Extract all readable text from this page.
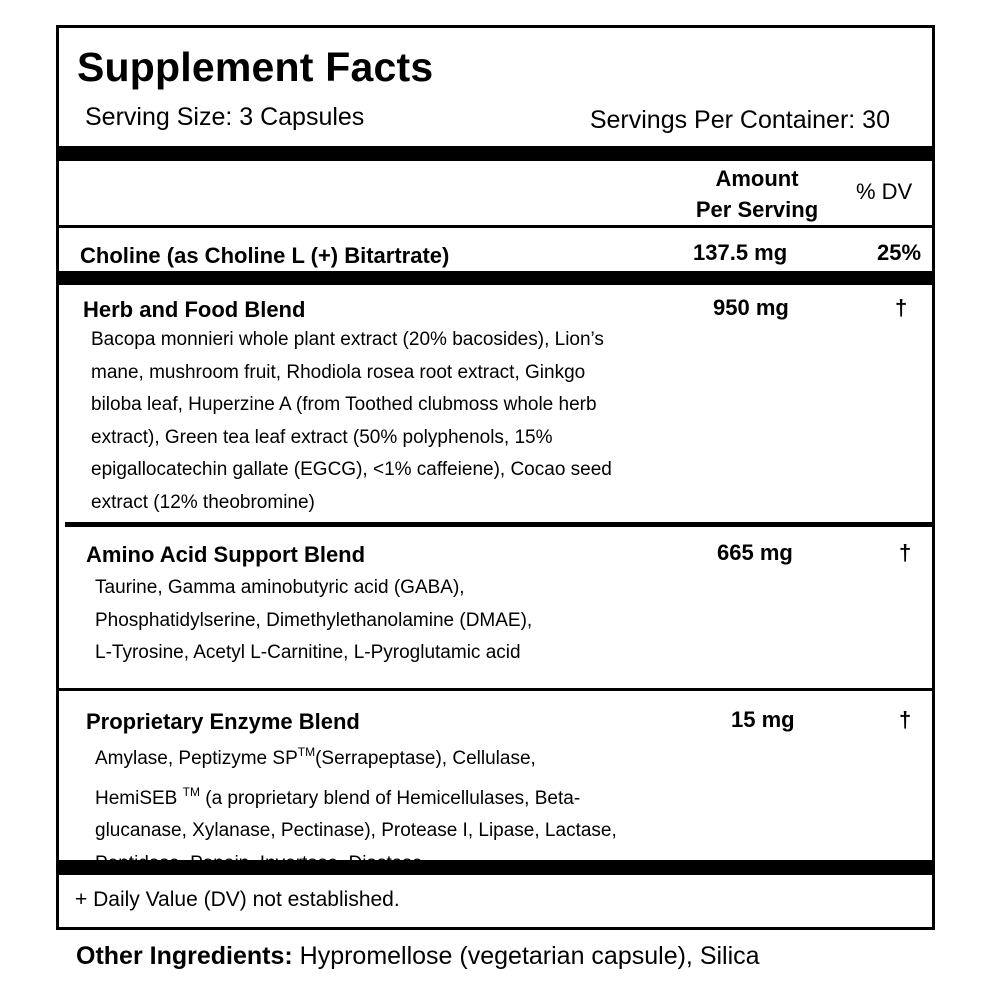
Supplement Facts
Serving Size: 3 Capsules	Servings Per Container: 30
Amount
Per Serving
% DV
Choline (as Choline L (+) Bitartrate)	137.5 mg	25%
Herb and Food Blend	950 mg	†
Bacopa monnieri whole plant extract (20% bacosides), Lion’s
mane, mushroom fruit, Rhodiola rosea root extract, Ginkgo
biloba leaf, Huperzine A (from Toothed clubmoss whole herb
extract), Green tea leaf extract (50% polyphenols, 15%
epigallocatechin gallate (EGCG), <1% caffeiene), Cocao seed
extract (12% theobromine)
Amino Acid Support Blend	665 mg	†
Taurine, Gamma aminobutyric acid (GABA),
Phosphatidylserine, Dimethylethanolamine (DMAE),
L-Tyrosine, Acetyl L-Carnitine, L-Pyroglutamic acid
Proprietary Enzyme Blend	15 mg	†
Amylase, Peptizyme SP™(Serrapeptase), Cellulase,
HemiSEB ™ (a proprietary blend of Hemicellulases, Beta-
glucanase, Xylanase, Pectinase), Protease I, Lipase, Lactase,
+ Daily Value (DV) not established.
Other Ingredients: Hypromellose (vegetarian capsule), Silica
